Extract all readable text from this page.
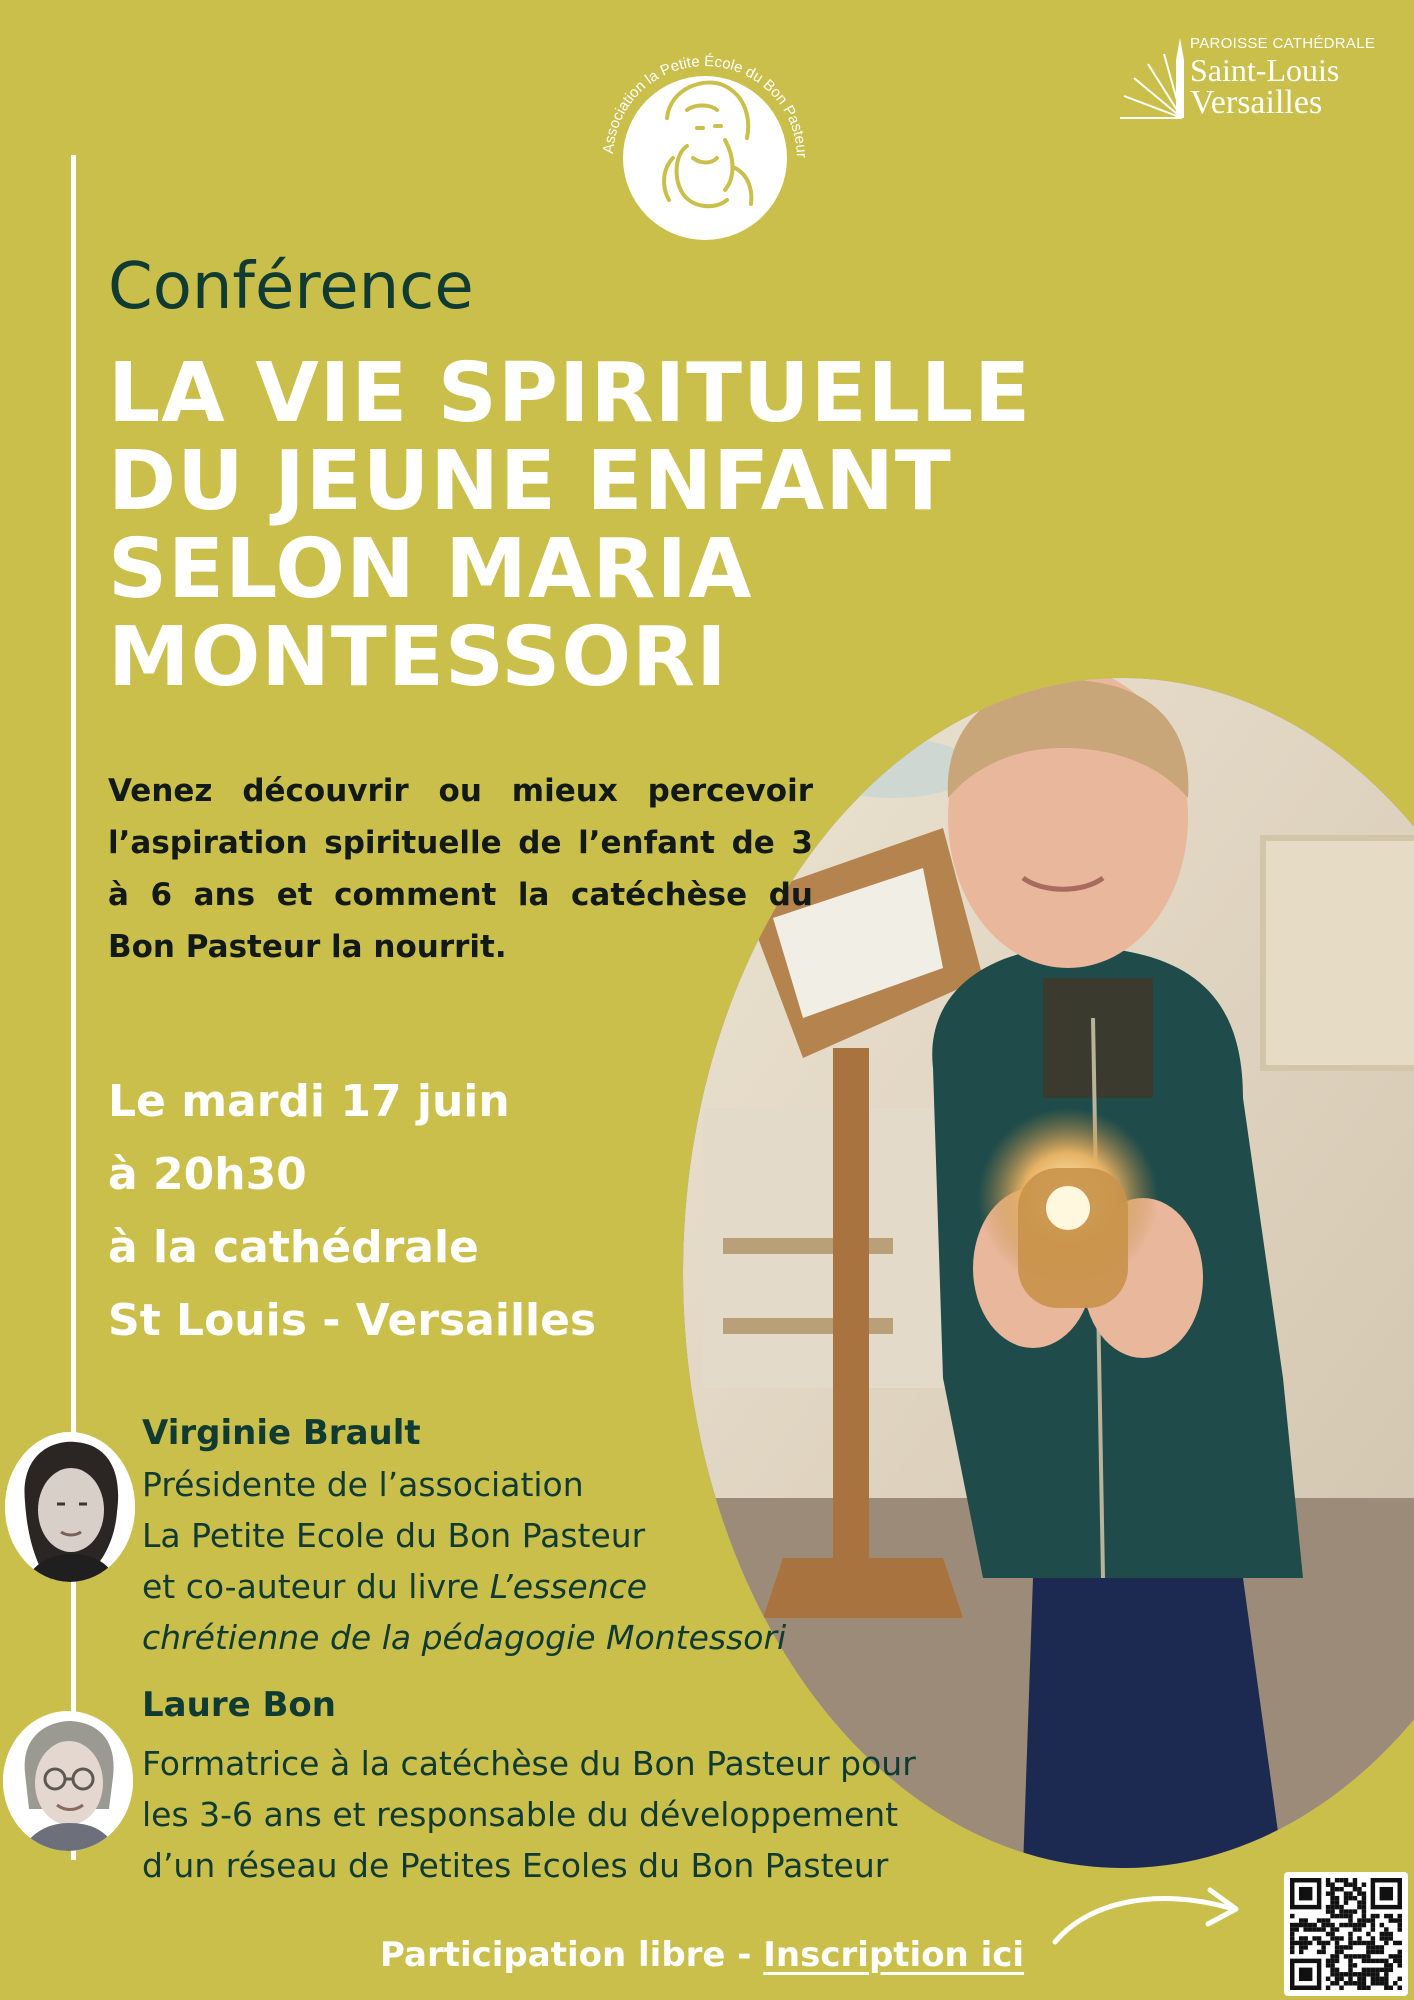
Association la Petite École du Bon Pasteur
PAROISSE CATHÉDRALE
Saint-Louis
Versailles
Conférence
LA VIE SPIRITUELLE
DU JEUNE ENFANT
SELON MARIA
MONTESSORI
Venez découvrir ou mieux percevoir l’aspiration spirituelle de l’enfant de 3 à 6 ans et comment la catéchèse du Bon Pasteur la nourrit.
Le mardi 17 juin
à 20h30
à la cathédrale
St Louis - Versailles
Virginie Brault
Présidente de l’association
La Petite Ecole du Bon Pasteur
et co-auteur du livre L’essence
chrétienne de la pédagogie Montessori
Laure Bon
Formatrice à la catéchèse du Bon Pasteur pour
les 3-6 ans et responsable du développement
d’un réseau de Petites Ecoles du Bon Pasteur
Participation libre - Inscription ici
